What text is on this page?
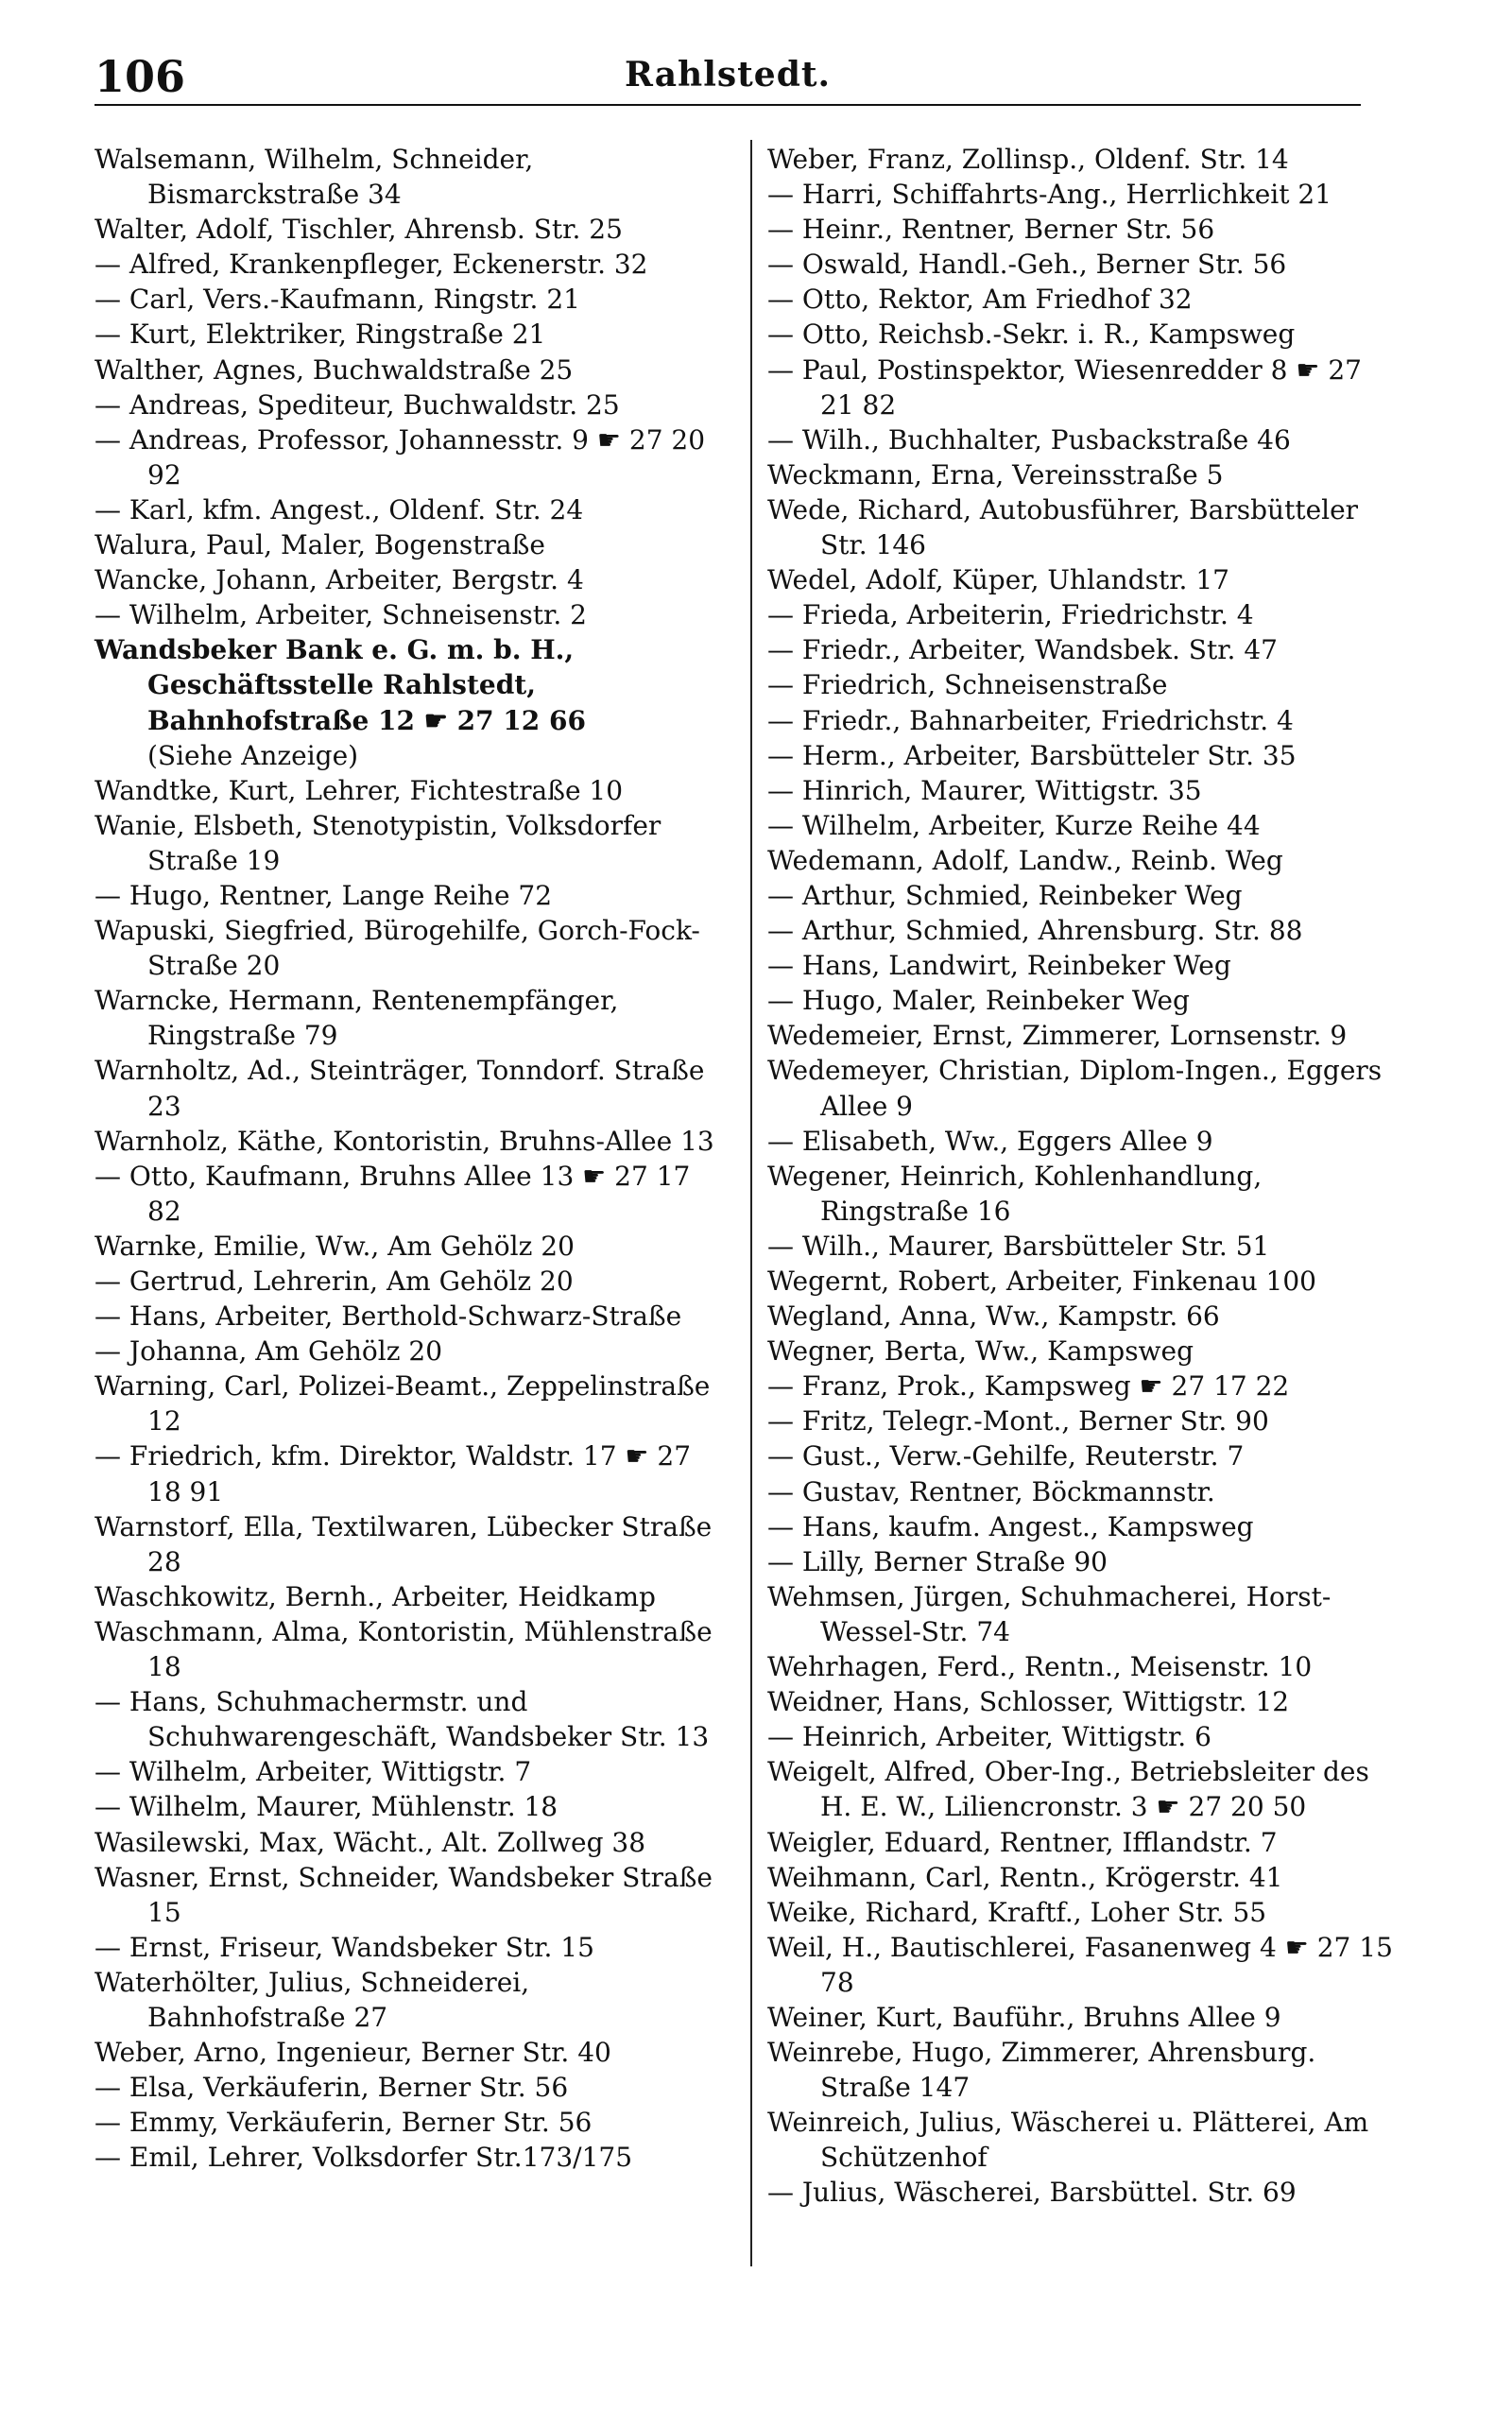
106	Rahlstedt.
Walsemann, Wilhelm, Schneider, Bismarckstraße 34
Walter, Adolf, Tischler, Ahrensb. Str. 25
— Alfred, Krankenpfleger, Eckenerstr. 32
— Carl, Vers.-Kaufmann, Ringstr. 21
— Kurt, Elektriker, Ringstraße 21
Walther, Agnes, Buchwaldstraße 25
— Andreas, Spediteur, Buchwaldstr. 25
— Andreas, Professor, Johannesstr. 9 ☛ 27 20 92
— Karl, kfm. Angest., Oldenf. Str. 24
Walura, Paul, Maler, Bogenstraße
Wancke, Johann, Arbeiter, Bergstr. 4
— Wilhelm, Arbeiter, Schneisenstr. 2
Wandsbeker Bank e. G. m. b. H., Geschäftsstelle Rahlstedt, Bahnhofstraße 12 ☛ 27 12 66
(Siehe Anzeige)
Wandtke, Kurt, Lehrer, Fichtestraße 10
Wanie, Elsbeth, Stenotypistin, Volksdorfer Straße 19
— Hugo, Rentner, Lange Reihe 72
Wapuski, Siegfried, Bürogehilfe, Gorch-Fock-Straße 20
Warncke, Hermann, Rentenempfänger, Ringstraße 79
Warnholtz, Ad., Steinträger, Tonndorf. Straße 23
Warnholz, Käthe, Kontoristin, Bruhns-Allee 13
— Otto, Kaufmann, Bruhns Allee 13 ☛ 27 17 82
Warnke, Emilie, Ww., Am Gehölz 20
— Gertrud, Lehrerin, Am Gehölz 20
— Hans, Arbeiter, Berthold-Schwarz-Straße
— Johanna, Am Gehölz 20
Warning, Carl, Polizei-Beamt., Zeppelinstraße 12
— Friedrich, kfm. Direktor, Waldstr. 17 ☛ 27 18 91
Warnstorf, Ella, Textilwaren, Lübecker Straße 28
Waschkowitz, Bernh., Arbeiter, Heidkamp
Waschmann, Alma, Kontoristin, Mühlenstraße 18
— Hans, Schuhmachermstr. und Schuhwarengeschäft, Wandsbeker Str. 13
— Wilhelm, Arbeiter, Wittigstr. 7
— Wilhelm, Maurer, Mühlenstr. 18
Wasilewski, Max, Wächt., Alt. Zollweg 38
Wasner, Ernst, Schneider, Wandsbeker Straße 15
— Ernst, Friseur, Wandsbeker Str. 15
Waterhölter, Julius, Schneiderei, Bahnhofstraße 27
Weber, Arno, Ingenieur, Berner Str. 40
— Elsa, Verkäuferin, Berner Str. 56
— Emmy, Verkäuferin, Berner Str. 56
— Emil, Lehrer, Volksdorfer Str.173/175
Weber, Franz, Zollinsp., Oldenf. Str. 14
— Harri, Schiffahrts-Ang., Herrlichkeit 21
— Heinr., Rentner, Berner Str. 56
— Oswald, Handl.-Geh., Berner Str. 56
— Otto, Rektor, Am Friedhof 32
— Otto, Reichsb.-Sekr. i. R., Kampsweg
— Paul, Postinspektor, Wiesenredder 8 ☛ 27 21 82
— Wilh., Buchhalter, Pusbackstraße 46
Weckmann, Erna, Vereinsstraße 5
Wede, Richard, Autobusführer, Barsbütteler Str. 146
Wedel, Adolf, Küper, Uhlandstr. 17
— Frieda, Arbeiterin, Friedrichstr. 4
— Friedr., Arbeiter, Wandsbek. Str. 47
— Friedrich, Schneisenstraße
— Friedr., Bahnarbeiter, Friedrichstr. 4
— Herm., Arbeiter, Barsbütteler Str. 35
— Hinrich, Maurer, Wittigstr. 35
— Wilhelm, Arbeiter, Kurze Reihe 44
Wedemann, Adolf, Landw., Reinb. Weg
— Arthur, Schmied, Reinbeker Weg
— Arthur, Schmied, Ahrensburg. Str. 88
— Hans, Landwirt, Reinbeker Weg
— Hugo, Maler, Reinbeker Weg
Wedemeier, Ernst, Zimmerer, Lornsenstr. 9
Wedemeyer, Christian, Diplom-Ingen., Eggers Allee 9
— Elisabeth, Ww., Eggers Allee 9
Wegener, Heinrich, Kohlenhandlung, Ringstraße 16
— Wilh., Maurer, Barsbütteler Str. 51
Wegernt, Robert, Arbeiter, Finkenau 100
Wegland, Anna, Ww., Kampstr. 66
Wegner, Berta, Ww., Kampsweg
— Franz, Prok., Kampsweg ☛ 27 17 22
— Fritz, Telegr.-Mont., Berner Str. 90
— Gust., Verw.-Gehilfe, Reuterstr. 7
— Gustav, Rentner, Böckmannstr.
— Hans, kaufm. Angest., Kampsweg
— Lilly, Berner Straße 90
Wehmsen, Jürgen, Schuhmacherei, Horst-Wessel-Str. 74
Wehrhagen, Ferd., Rentn., Meisenstr. 10
Weidner, Hans, Schlosser, Wittigstr. 12
— Heinrich, Arbeiter, Wittigstr. 6
Weigelt, Alfred, Ober-Ing., Betriebsleiter des H. E. W., Liliencronstr. 3 ☛ 27 20 50
Weigler, Eduard, Rentner, Ifflandstr. 7
Weihmann, Carl, Rentn., Krögerstr. 41
Weike, Richard, Kraftf., Loher Str. 55
Weil, H., Bautischlerei, Fasanenweg 4 ☛ 27 15 78
Weiner, Kurt, Bauführ., Bruhns Allee 9
Weinrebe, Hugo, Zimmerer, Ahrensburg. Straße 147
Weinreich, Julius, Wäscherei u. Plätterei, Am Schützenhof
— Julius, Wäscherei, Barsbüttel. Str. 69
